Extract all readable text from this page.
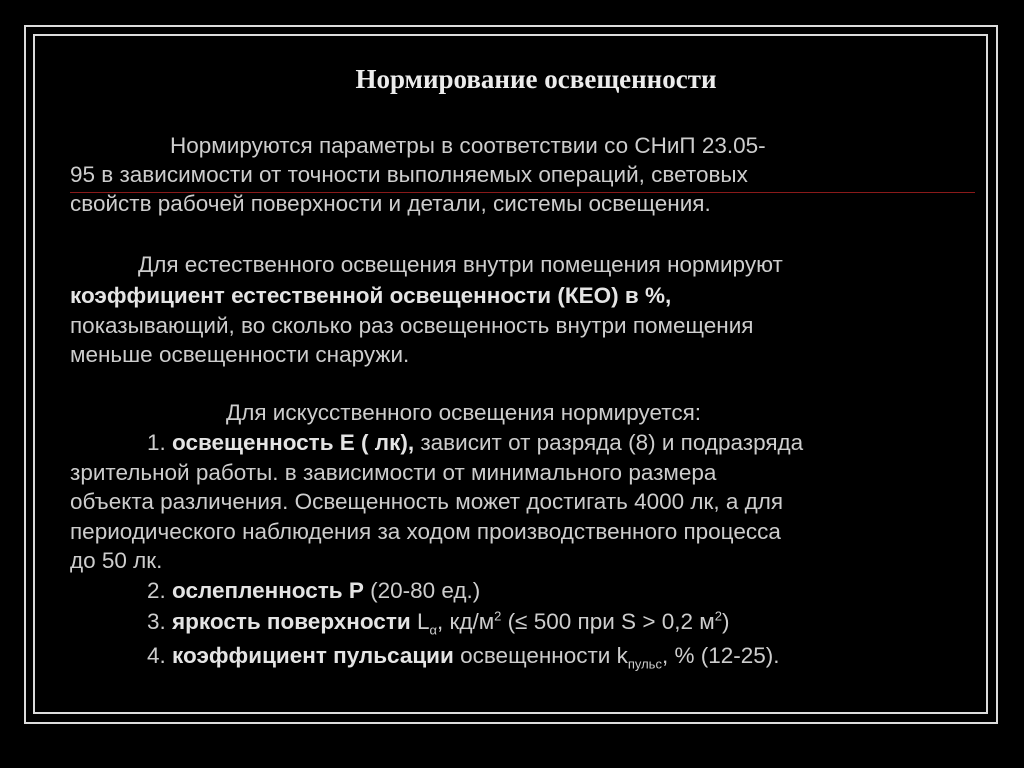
Нормирование освещенности
Нормируются параметры в соответствии со СНиП 23.05-
95 в зависимости от точности выполняемых операций, световых
свойств рабочей поверхности и детали, системы освещения.
Для естественного освещения внутри помещения нормируют
коэффициент естественной освещенности (КЕО) в %,
показывающий, во сколько раз освещенность внутри помещения
меньше освещенности снаружи.
Для искусственного освещения нормируется:
1. освещенность Е ( лк), зависит от разряда (8) и подразряда
зрительной работы. в зависимости от минимального размера
объекта различения. Освещенность может достигать 4000 лк, а для
периодического наблюдения за ходом производственного процесса
до 50 лк.
2. ослепленность Р (20-80 ед.)
3. яркость поверхности $L_\alpha$, $кд/м^2$ (≤ 500 при S > 0,2 $м^2$)
4. коэффициент пульсации освещенности $k_{пульс}$, % (12-25).
